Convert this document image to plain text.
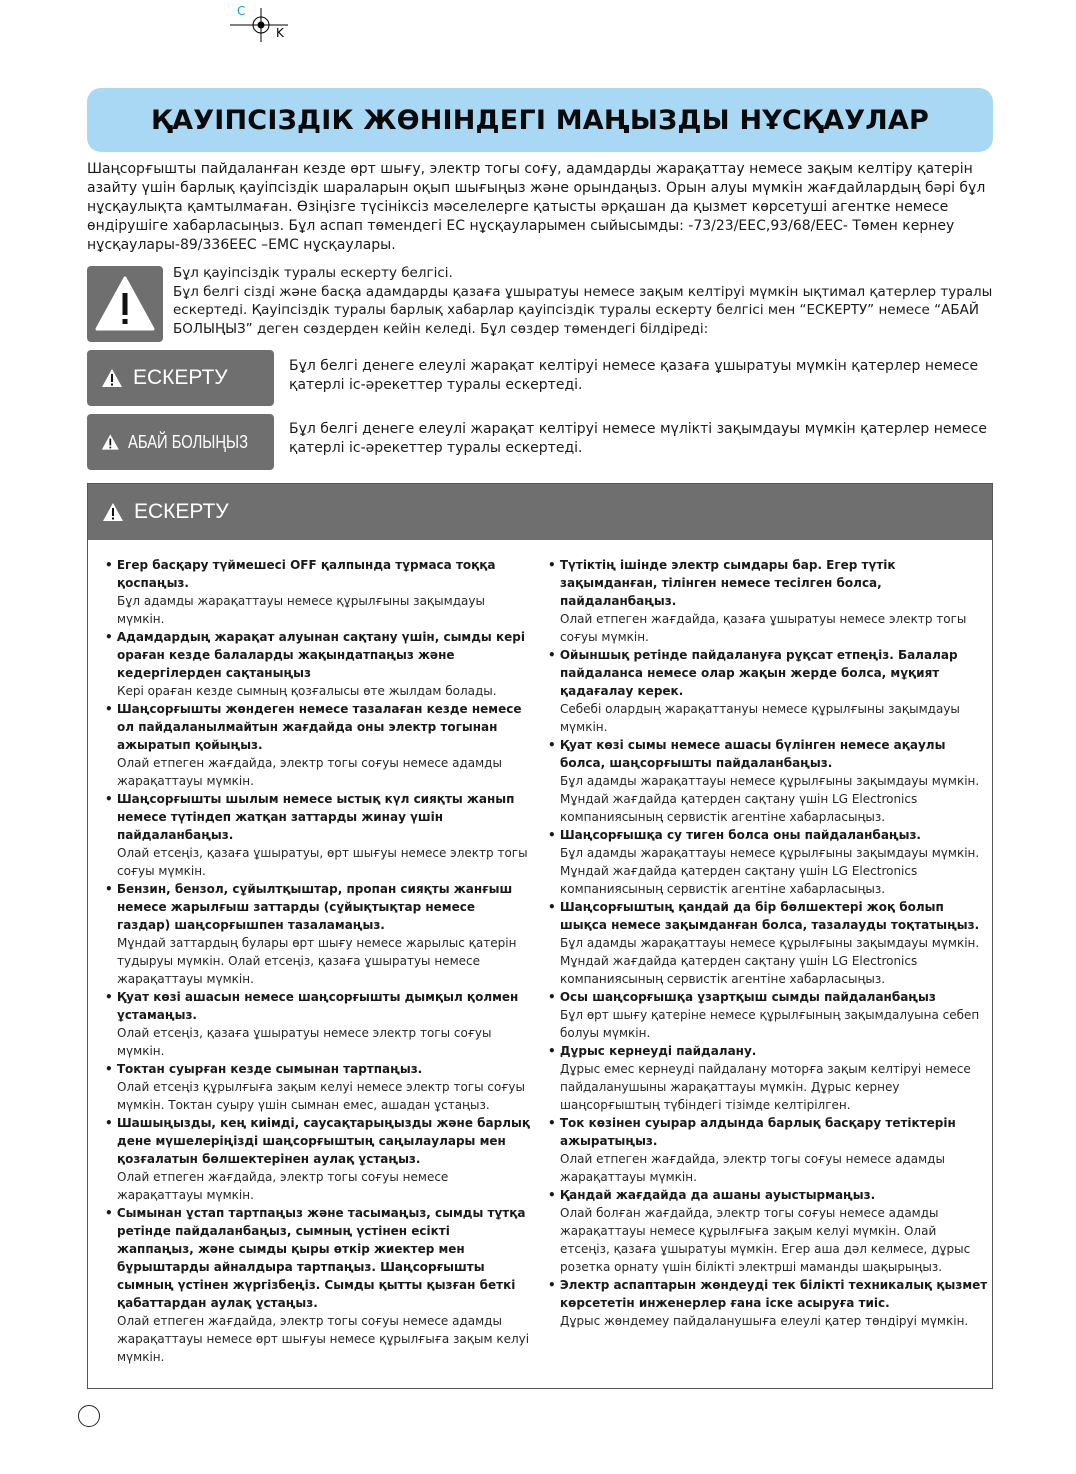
C
K
ҚАУІПСІЗДІК ЖӨНІНДЕГІ МАҢЫЗДЫ НҰСҚАУЛАР

Шаңсорғышты пайдаланған кезде өрт шығу, электр тогы соғу, адамдарды жарақаттау немесе зақым келтіру қатерін азайту үшін барлық қауіпсіздік шараларын оқып шығыңыз және орындаңыз. Орын алуы мүмкін жағдайлардың бәрі бұл нұсқаулықта қамтылмаған. Өзіңізге түсініксіз мәселелерге қатысты әрқашан да қызмет көрсетуші агентке немесе өндірушіге хабарласыңыз. Бұл аспап төмендегі ЕС нұсқауларымен сыйысымды: -73/23/EEC,93/68/EEC- Төмен кернеу нұсқаулары-89/336EEC –EMC нұсқаулары.

Бұл қауіпсіздік туралы ескерту белгісі.

Бұл белгі сізді және басқа адамдарды қазаға ұшыратуы немесе зақым келтіруі мүмкін ықтимал қатерлер туралы ескертеді. Қауіпсіздік туралы барлық хабарлар қауіпсіздік туралы ескерту белгісі мен “ЕСКЕРТУ” немесе “АБАЙ БОЛЫҢЫЗ” деген сөздерден кейін келеді. Бұл сөздер төмендегі білдіреді:

ЕСКЕРТУ	Бұл белгі денеге елеулі жарақат келтіруі немесе қазаға ұшыратуы мүмкін қатерлер немесе қатерлі іс-әрекеттер туралы ескертеді.

АБАЙ БОЛЫҢЫЗ

Бұл белгі денеге елеулі жарақат келтіруі немесе мүлікті зақымдауы мүмкін қатерлер немесе қатерлі іс-әрекеттер туралы ескертеді.

ЕСКЕРТУ

• Егер басқару түймешесі OFF қалпында тұрмаса тоққа қоспаңыз.

Бұл адамды жарақаттауы немесе құрылғыны зақымдауы мүмкін.

• Адамдардың жарақат алуынан сақтану үшін, сымды кері ораған кезде балаларды жақындатпаңыз және кедергілерден сақтаныңыз

Кері ораған кезде сымның қозғалысы өте жылдам болады.

• Шаңсорғышты жөндеген немесе тазалаған кезде немесе ол пайдаланылмайтын жағдайда оны электр тогынан ажыратып қойыңыз.

Олай етпеген жағдайда, электр тогы соғуы немесе адамды жарақаттауы мүмкін.

• Шаңсорғышты шылым немесе ыстық күл сияқты жанып немесе түтіндеп жатқан заттарды жинау үшін пайдаланбаңыз.

Олай етсеңіз, қазаға ұшыратуы, өрт шығуы немесе электр тогы соғуы мүмкін.

• Бензин, бензол, сұйылтқыштар, пропан сияқты жанғыш немесе жарылғыш заттарды (сұйықтықтар немесе газдар) шаңсорғышпен тазаламаңыз.

Мұндай заттардың булары өрт шығу немесе жарылыс қатерін тудыруы мүмкін. Олай етсеңіз, қазаға ұшыратуы немесе жарақаттауы мүмкін.

• Қуат көзі ашасын немесе шаңсорғышты дымқыл қолмен ұстамаңыз.

Олай етсеңіз, қазаға ұшыратуы немесе электр тогы соғуы мүмкін.

• Токтан суырған кезде сымынан тартпаңыз.

Олай етсеңіз құрылғыға зақым келуі немесе электр тогы соғуы мүмкін. Токтан суыру үшін сымнан емес, ашадан ұстаңыз.

• Шашыңызды, кең киімді, саусақтарыңызды және барлық дене мүшелеріңізді шаңсорғыштың саңылаулары мен қозғалатын бөлшектерінен аулақ ұстаңыз.

Олай етпеген жағдайда, электр тогы соғуы немесе жарақаттауы мүмкін.

• Сымынан ұстап тартпаңыз және тасымаңыз, сымды тұтқа ретінде пайдаланбаңыз, сымның үстінен есікті жаппаңыз, және сымды қыры өткір жиектер мен бұрыштарды айналдыра тартпаңыз. Шаңсорғышты сымның үстінен жүргізбеңіз. Сымды қытты қызған беткі қабаттардан аулақ ұстаңыз.

Олай етпеген жағдайда, электр тогы соғуы немесе адамды жарақаттауы немесе өрт шығуы немесе құрылғыға зақым келуі мүмкін.

• Түтіктің ішінде электр сымдары бар. Егер түтік зақымданған, тілінген немесе тесілген болса, пайдаланбаңыз.

Олай етпеген жағдайда, қазаға ұшыратуы немесе электр тогы соғуы мүмкін.

• Ойыншық ретінде пайдалануға рұқсат етпеңіз. Балалар пайдаланса немесе олар жақын жерде болса, мұқият қадағалау керек.

Себебі олардың жарақаттануы немесе құрылғыны зақымдауы мүмкін.

• Қуат көзі сымы немесе ашасы бүлінген немесе ақаулы болса, шаңсорғышты пайдаланбаңыз.

Бұл адамды жарақаттауы немесе құрылғыны зақымдауы мүмкін. Мұндай жағдайда қатерден сақтану үшін LG Electronics компаниясының сервистік агентіне хабарласыңыз.

• Шаңсорғышқа су тиген болса оны пайдаланбаңыз.

Бұл адамды жарақаттауы немесе құрылғыны зақымдауы мүмкін. Мұндай жағдайда қатерден сақтану үшін LG Electronics компаниясының сервистік агентіне хабарласыңыз.

• Шаңсорғыштың қандай да бір бөлшектері жоқ болып шықса немесе зақымданған болса, тазалауды тоқтатыңыз.

Бұл адамды жарақаттауы немесе құрылғыны зақымдауы мүмкін. Мұндай жағдайда қатерден сақтану үшін LG Electronics компаниясының сервистік агентіне хабарласыңыз.

• Осы шаңсорғышқа ұзартқыш сымды пайдаланбаңыз

Бұл өрт шығу қатеріне немесе құрылғының зақымдалуына себеп болуы мүмкін.

• Дұрыс кернеуді пайдалану.

Дұрыс емес кернеуді пайдалану моторға зақым келтіруі немесе пайдаланушыны жарақаттауы мүмкін. Дұрыс кернеу шаңсорғыштың түбіндегі тізімде келтірілген.

• Ток көзінен суырар алдында барлық басқару тетіктерін ажыратыңыз.

Олай етпеген жағдайда, электр тогы соғуы немесе адамды жарақаттауы мүмкін.

• Қандай жағдайда да ашаны ауыстырмаңыз.

Олай болған жағдайда, электр тогы соғуы немесе адамды жарақаттауы немесе құрылғыға зақым келуі мүмкін. Олай етсеңіз, қазаға ұшыратуы мүмкін. Егер аша дәл келмесе, дұрыс розетка орнату үшін білікті электрші маманды шақырыңыз.

• Электр аспаптарын жөндеуді тек білікті техникалық қызмет көрсететін инженерлер ғана іске асыруға тиіс.

Дұрыс жөндемеу пайдаланушыға елеулі қатер төндіруі мүмкін.
